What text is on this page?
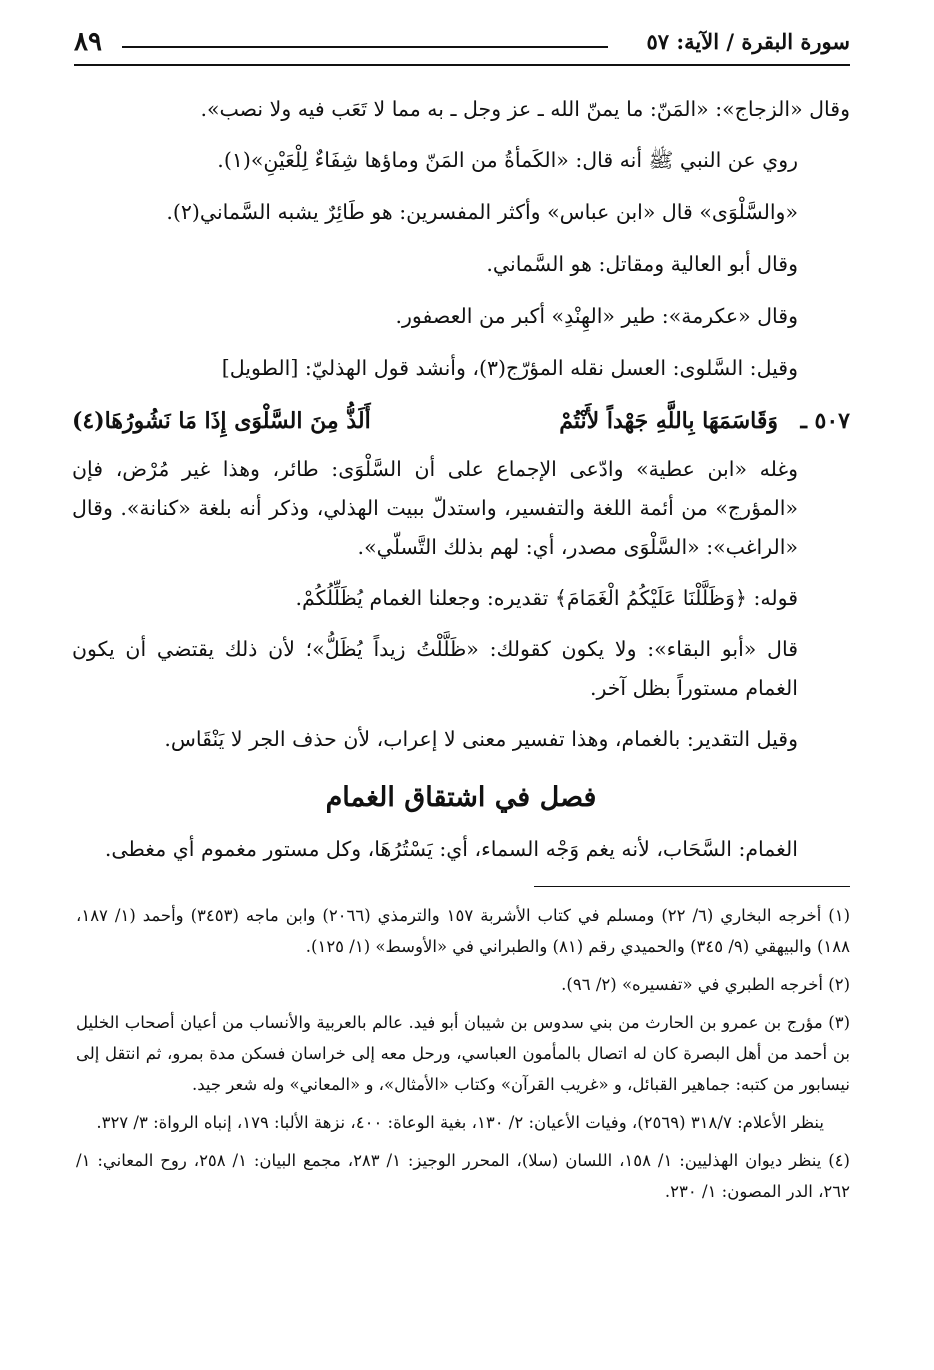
٨٩	سورة البقرة / الآية: ٥٧

وقال «الزجاج»: «المَنّ: ما يمنّ الله ـ عز وجل ـ به مما لا تَعَب فيه ولا نصب».

روي عن النبي ﷺ أنه قال: «الكَمأةُ من المَنّ وماؤها شِفَاءٌ لِلْعَيْنِ»(١).

«والسَّلْوَى» قال «ابن عباس» وأكثر المفسرين: هو طَائِرٌ يشبه السَّماني(٢).

وقال أبو العالية ومقاتل: هو السَّماني.

وقال «عكرمة»: طير «الهِنْدِ» أكبر من العصفور.

وقيل: السَّلوى: العسل نقله المؤرّج(٣)، وأنشد قول الهذليّ: [الطويل]

٥٠٧ ـ
وَقَاسَمَهَا بِاللَّهِ جَهْداً لأَنْتُمْ
أَلَذُّ مِنَ السَّلْوَى إِذَا مَا نَشُورُهَا(٤)

وغله «ابن عطية» وادّعى الإجماع على أن السَّلْوَى: طائر، وهذا غير مُرْض، فإن «المؤرج» من أئمة اللغة والتفسير، واستدلّ ببيت الهذلي، وذكر أنه بلغة «كنانة». وقال «الراغب»: «السَّلْوَى مصدر، أي: لهم بذلك التَّسلّي».

قوله: ﴿وَظَلَّلْنَا عَلَيْكُمُ الْغَمَامَ﴾ تقديره: وجعلنا الغمام يُظَلِّلُكُمْ.

قال «أبو البقاء»: ولا يكون كقولك: «ظَلَّلْتُ زيداً يُظَلُّ»؛ لأن ذلك يقتضي أن يكون الغمام مستوراً بظل آخر.

وقيل التقدير: بالغمام، وهذا تفسير معنى لا إعراب، لأن حذف الجر لا يَنْقَاس.

فصل في اشتقاق الغمام

الغمام: السَّحَاب، لأنه يغم وَجْه السماء، أي: يَسْتُرُهَا، وكل مستور مغموم أي مغطى.

(١) أخرجه البخاري (٦/ ٢٢) ومسلم في كتاب الأشربة ١٥٧ والترمذي (٢٠٦٦) وابن ماجه (٣٤٥٣) وأحمد (١/ ١٨٧، ١٨٨) والبيهقي (٩/ ٣٤٥) والحميدي رقم (٨١) والطبراني في «الأوسط» (١/ ١٢٥).

(٢) أخرجه الطبري في «تفسيره» (٢/ ٩٦).

(٣) مؤرج بن عمرو بن الحارث من بني سدوس بن شيبان أبو فيد. عالم بالعربية والأنساب من أعيان أصحاب الخليل بن أحمد من أهل البصرة كان له اتصال بالمأمون العباسي، ورحل معه إلى خراسان فسكن مدة بمرو، ثم انتقل إلى نيسابور من كتبه: جماهير القبائل، و «غريب القرآن» وكتاب «الأمثال»، و «المعاني» وله شعر جيد.

ينظر الأعلام: ٣١٨/٧ (٢٥٦٩)، وفيات الأعيان: ٢/ ١٣٠، بغية الوعاة: ٤٠٠، نزهة الألبا: ١٧٩، إنباه الرواة: ٣/ ٣٢٧.

(٤) ينظر ديوان الهذليين: ١/ ١٥٨، اللسان (سلا)، المحرر الوجيز: ١/ ٢٨٣، مجمع البيان: ١/ ٢٥٨، روح المعاني: ١/ ٢٦٢، الدر المصون: ١/ ٢٣٠.
